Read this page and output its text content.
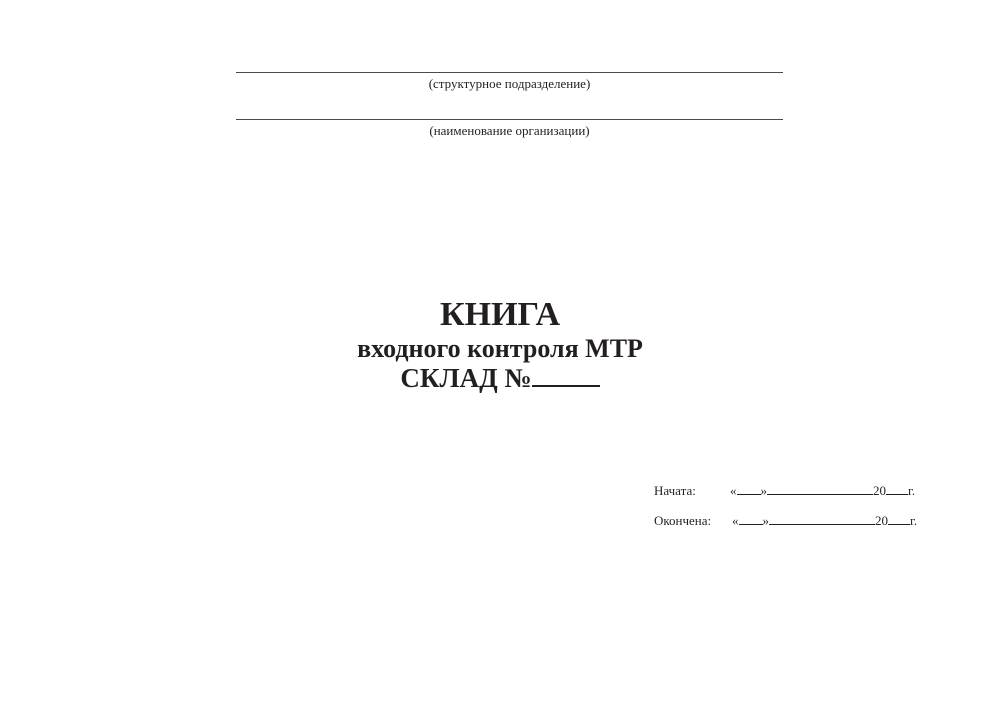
(структурное подразделение)
(наименование организации)
КНИГА
входного контроля МТР
СКЛАД №
Начата:	« »	20 г.
Окончена: « »	20 г.
